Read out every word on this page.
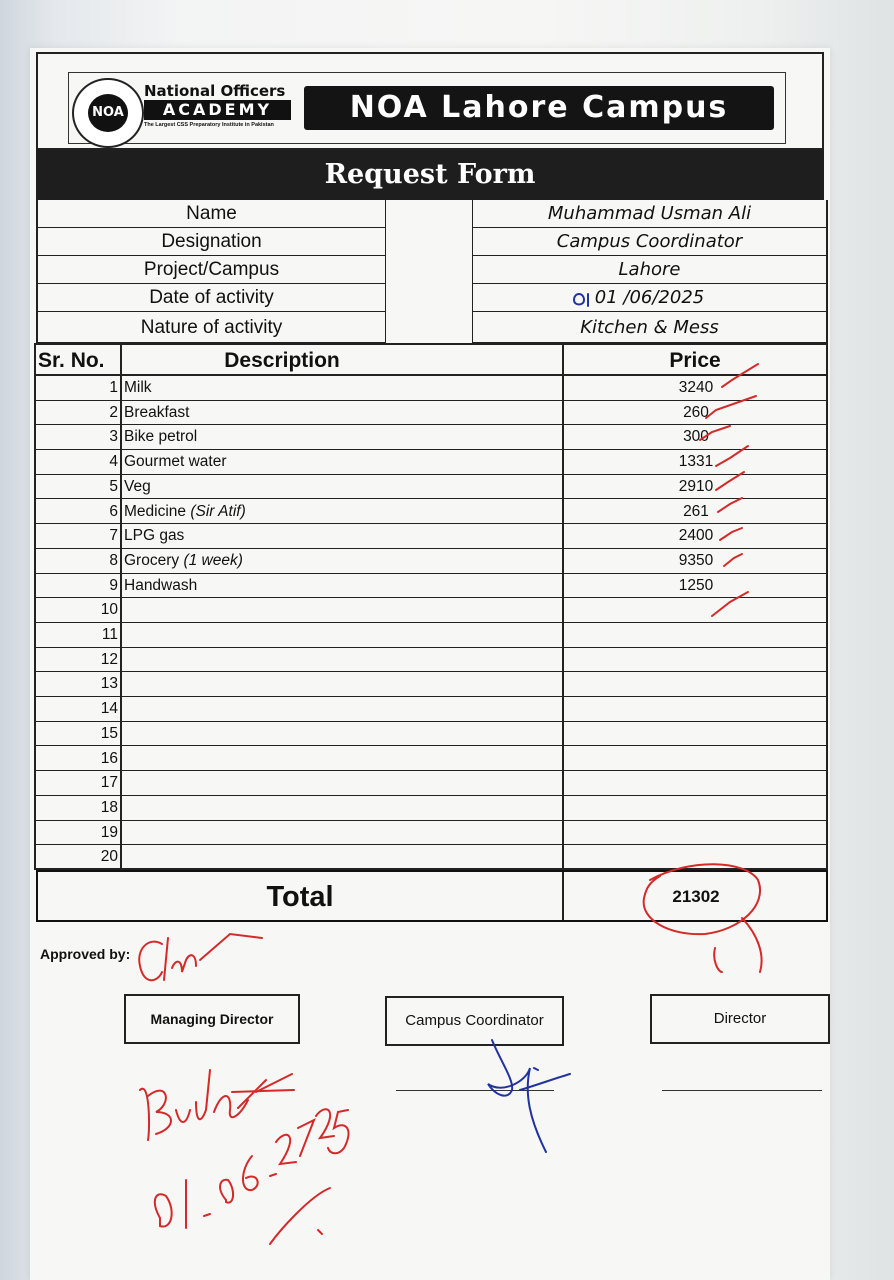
NOA
National Officers
ACADEMY
The Largest CSS Preparatory Institute in Pakistan	NOA Lahore Campus
Request Form
Name	Muhammad Usman Ali
Designation	Campus Coordinator
Project/Campus	Lahore
Date of activity	01 /06/2025
Nature of activity	Kitchen & Mess
Sr. No.	Description	Price
1 Milk	3240
2 Breakfast	260
3 Bike petrol	300
4 Gourmet water	1331
5 Veg	2910
6 Medicine (Sir Atif)	261
7 LPG gas	2400
8 Grocery (1 week)	9350
9 Handwash	1250
10
11
12
13
14
15
16
17
18
19
20
Total	21302
Approved by:
Managing Director	Campus Coordinator	Director
